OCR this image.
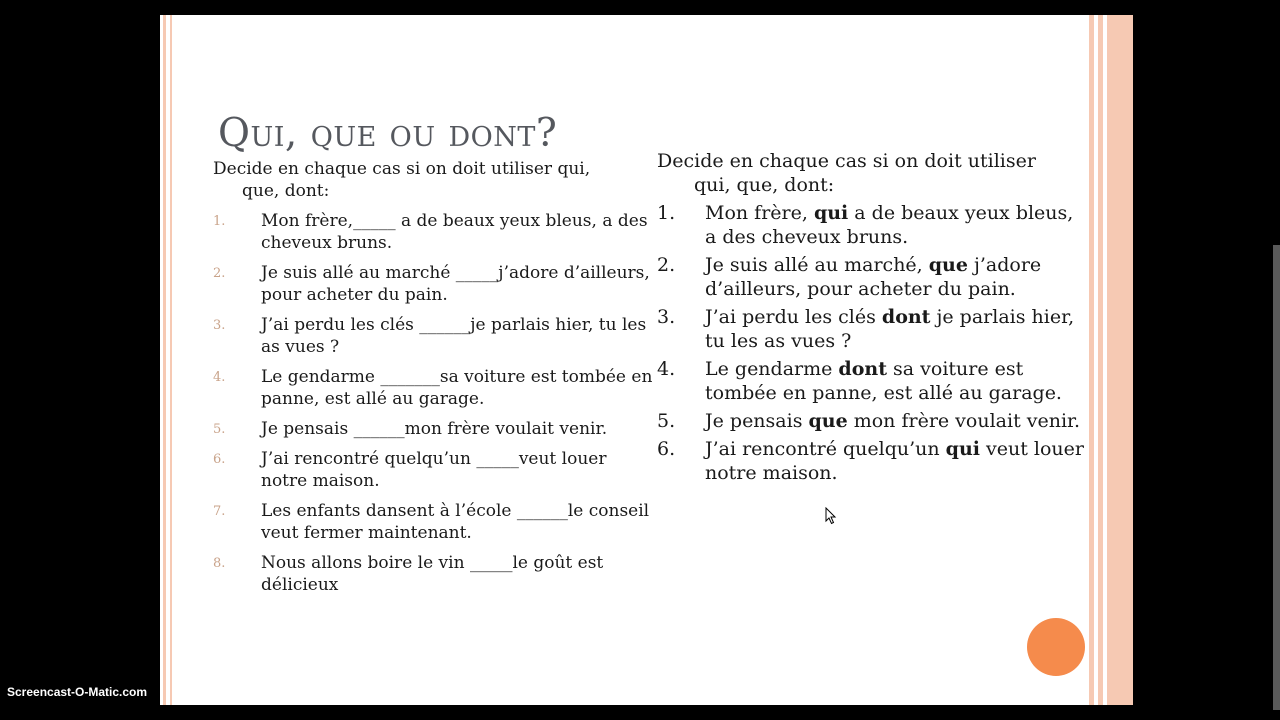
Qui, que ou dont?

Decide en chaque cas si on doit utiliser qui,
que, dont:

1. Mon frère,_____ a de beaux yeux bleus, a des cheveux bruns.
2. Je suis allé au marché _____j’adore d’ailleurs, pour acheter du pain.
3. J’ai perdu les clés ______je parlais hier, tu les as vues ?
4. Le gendarme _______sa voiture est tombée en panne, est allé au garage.
5. Je pensais ______mon frère voulait venir.
6. J’ai rencontré quelqu’un _____veut louer notre maison.
7. Les enfants dansent à l’école ______le conseil veut fermer maintenant.
8. Nous allons boire le vin _____le goût est délicieux

Decide en chaque cas si on doit utiliser
qui, que, dont:

1. Mon frère, qui a de beaux yeux bleus, a des cheveux bruns.
2. Je suis allé au marché, que j’adore d’ailleurs, pour acheter du pain.
3. J’ai perdu les clés dont je parlais hier, tu les as vues ?
4. Le gendarme dont sa voiture est tombée en panne, est allé au garage.
5. Je pensais que mon frère voulait venir.
6. J’ai rencontré quelqu’un qui veut louer notre maison.
Screencast-O-Matic.com
